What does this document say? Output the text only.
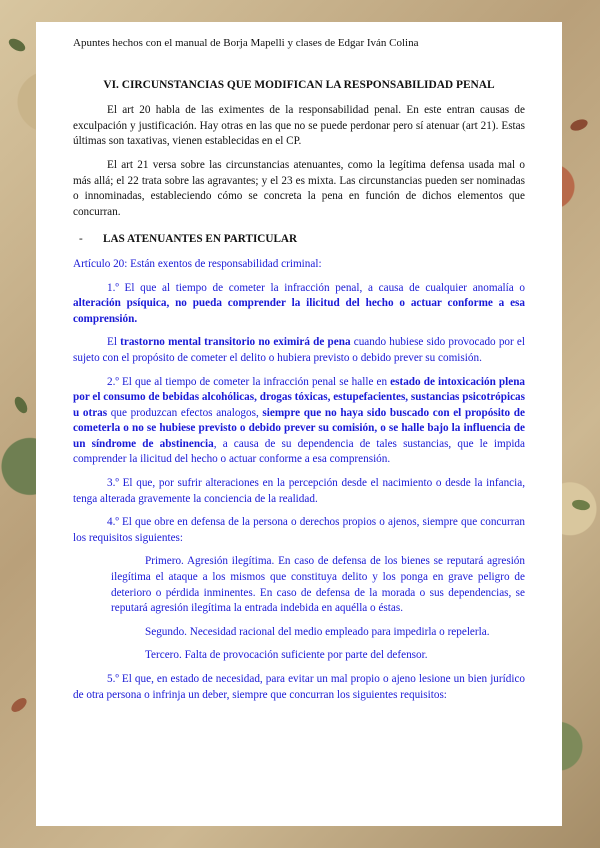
Apuntes hechos con el manual de Borja Mapelli y clases de Edgar Iván Colina
VI. CIRCUNSTANCIAS QUE MODIFICAN LA RESPONSABILIDAD PENAL

El art 20 habla de las eximentes de la responsabilidad penal. En este entran causas de exculpación y justificación. Hay otras en las que no se puede perdonar pero sí atenuar (art 21). Estas últimas son taxativas, vienen establecidas en el CP.

El art 21 versa sobre las circunstancias atenuantes, como la legítima defensa usada mal o más allá; el 22 trata sobre las agravantes; y el 23 es mixta. Las circunstancias pueden ser nominadas o innominadas, estableciendo cómo se concreta la pena en función de dichos elementos que concurran.

- LAS ATENUANTES EN PARTICULAR

Artículo 20: Están exentos de responsabilidad criminal:

1.º El que al tiempo de cometer la infracción penal, a causa de cualquier anomalía o alteración psíquica, no pueda comprender la ilicitud del hecho o actuar conforme a esa comprensión.

El trastorno mental transitorio no eximirá de pena cuando hubiese sido provocado por el sujeto con el propósito de cometer el delito o hubiera previsto o debido prever su comisión.

2.º El que al tiempo de cometer la infracción penal se halle en estado de intoxicación plena por el consumo de bebidas alcohólicas, drogas tóxicas, estupefacientes, sustancias psicotrópicas u otras que produzcan efectos analogos, siempre que no haya sido buscado con el propósito de cometerla o no se hubiese previsto o debido prever su comisión, o se halle bajo la influencia de un síndrome de abstinencia, a causa de su dependencia de tales sustancias, que le impida comprender la ilicitud del hecho o actuar conforme a esa comprensión.

3.º El que, por sufrir alteraciones en la percepción desde el nacimiento o desde la infancia, tenga alterada gravemente la conciencia de la realidad.

4.º El que obre en defensa de la persona o derechos propios o ajenos, siempre que concurran los requisitos siguientes:

Primero. Agresión ilegítima. En caso de defensa de los bienes se reputará agresión ilegítima el ataque a los mismos que constituya delito y los ponga en grave peligro de deterioro o pérdida inminentes. En caso de defensa de la morada o sus dependencias, se reputará agresión ilegítima la entrada indebida en aquélla o éstas.

Segundo. Necesidad racional del medio empleado para impedirla o repelerla.

Tercero. Falta de provocación suficiente por parte del defensor.

5.º El que, en estado de necesidad, para evitar un mal propio o ajeno lesione un bien jurídico de otra persona o infrinja un deber, siempre que concurran los siguientes requisitos:
